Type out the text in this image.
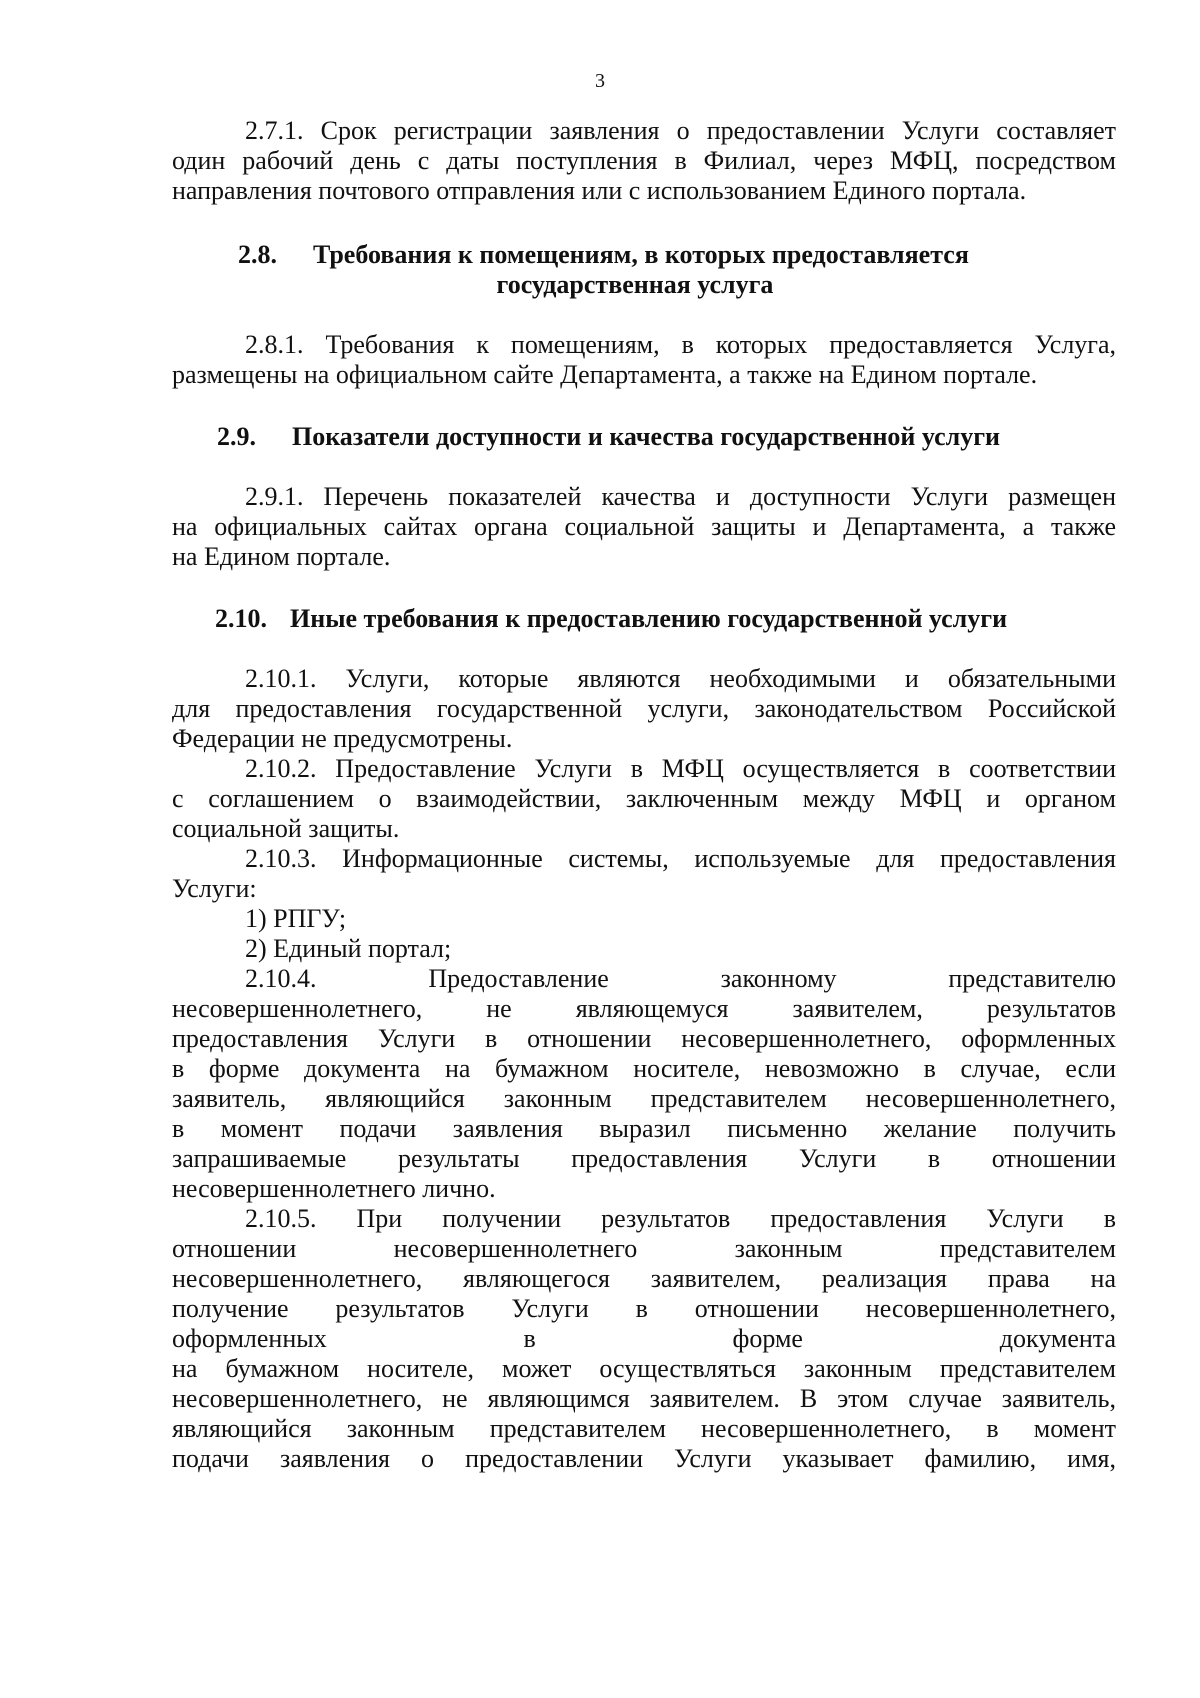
3
2.7.1. Срок регистрации заявления о предоставлении Услуги составляет
один рабочий день с даты поступления в Филиал, через МФЦ, посредством
направления почтового отправления или с использованием Единого портала.
2.8. Требования к помещениям, в которых предоставляется
государственная услуга
2.8.1. Требования к помещениям, в которых предоставляется Услуга,
размещены на официальном сайте Департамента, а также на Едином портале.
2.9. Показатели доступности и качества государственной услуги
2.9.1. Перечень показателей качества и доступности Услуги размещен
на официальных сайтах органа социальной защиты и Департамента, а также
на Едином портале.
2.10. Иные требования к предоставлению государственной услуги
2.10.1. Услуги, которые являются необходимыми и обязательными
для предоставления государственной услуги, законодательством Российской
Федерации не предусмотрены.
2.10.2. Предоставление Услуги в МФЦ осуществляется в соответствии
с соглашением о взаимодействии, заключенным между МФЦ и органом
социальной защиты.
2.10.3. Информационные системы, используемые для предоставления
Услуги:
1) РПГУ;
2) Единый портал;
2.10.4. Предоставление законному представителю
несовершеннолетнего, не являющемуся заявителем, результатов
предоставления Услуги в отношении несовершеннолетнего, оформленных
в форме документа на бумажном носителе, невозможно в случае, если
заявитель, являющийся законным представителем несовершеннолетнего,
в момент подачи заявления выразил письменно желание получить
запрашиваемые результаты предоставления Услуги в отношении
несовершеннолетнего лично.
2.10.5. При получении результатов предоставления Услуги в
отношении несовершеннолетнего законным представителем
несовершеннолетнего, являющегося заявителем, реализация права на
получение результатов Услуги в отношении несовершеннолетнего,
оформленных в форме документа
на бумажном носителе, может осуществляться законным представителем
несовершеннолетнего, не являющимся заявителем. В этом случае заявитель,
являющийся законным представителем несовершеннолетнего, в момент
подачи заявления о предоставлении Услуги указывает фамилию, имя,
